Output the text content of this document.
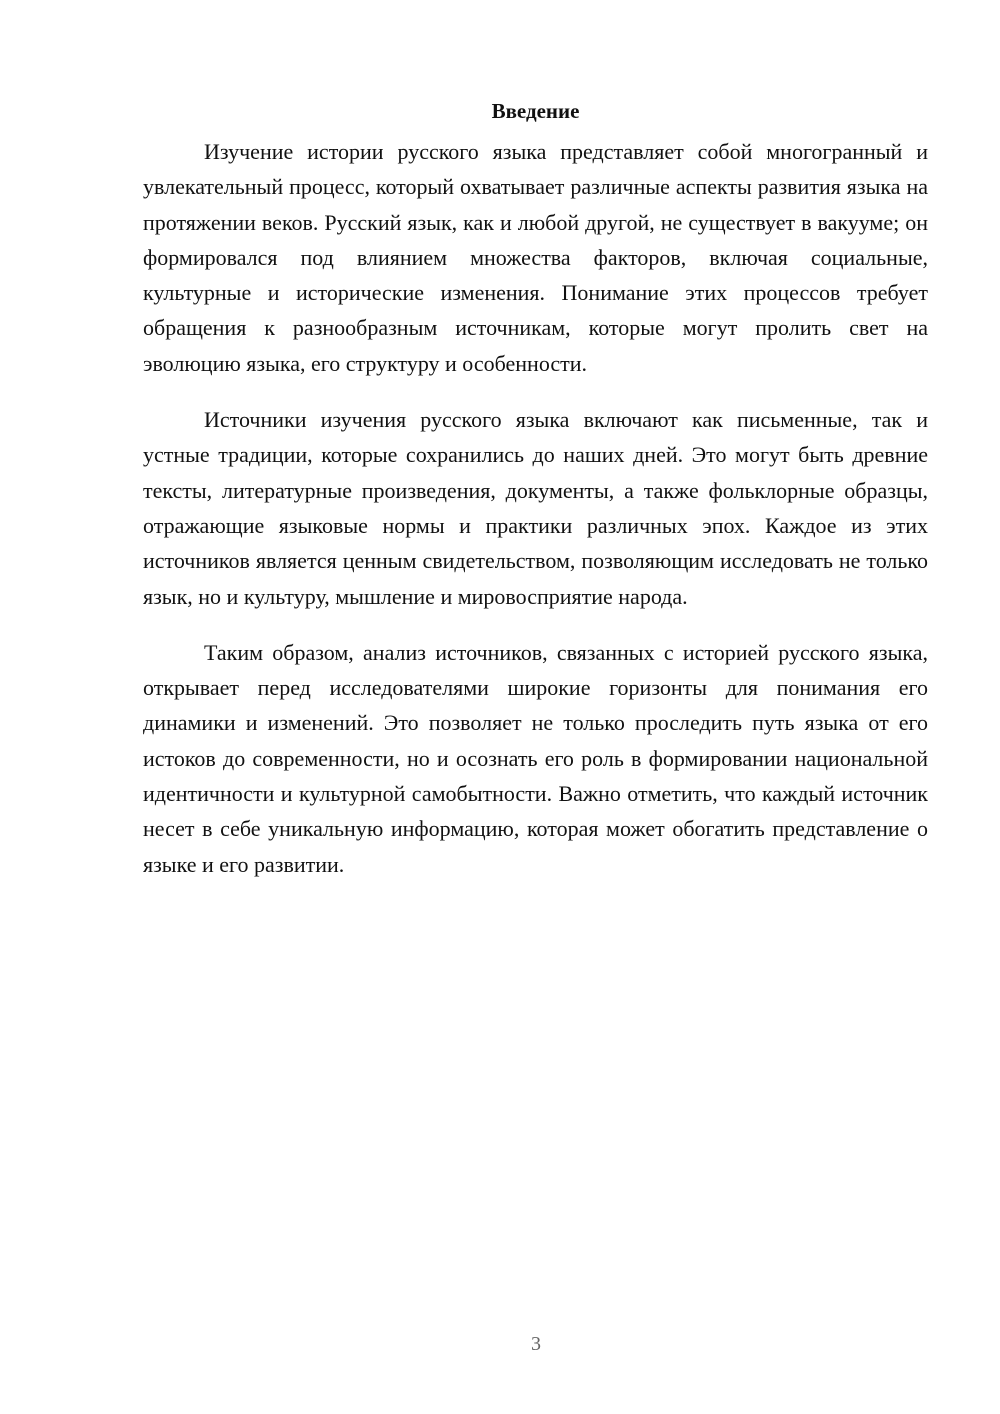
Введение

Изучение истории русского языка представляет собой многогранный и увлекательный процесс, который охватывает различные аспекты развития языка на протяжении веков. Русский язык, как и любой другой, не существует в вакууме; он формировался под влиянием множества факторов, включая социальные, культурные и исторические изменения. Понимание этих процессов требует обращения к разнообразным источникам, которые могут пролить свет на эволюцию языка, его структуру и особенности.

Источники изучения русского языка включают как письменные, так и устные традиции, которые сохранились до наших дней. Это могут быть древние тексты, литературные произведения, документы, а также фольклорные образцы, отражающие языковые нормы и практики различных эпох. Каждое из этих источников является ценным свидетельством, позволяющим исследовать не только язык, но и культуру, мышление и мировосприятие народа.

Таким образом, анализ источников, связанных с историей русского языка, открывает перед исследователями широкие горизонты для понимания его динамики и изменений. Это позволяет не только проследить путь языка от его истоков до современности, но и осознать его роль в формировании национальной идентичности и культурной самобытности. Важно отметить, что каждый источник несет в себе уникальную информацию, которая может обогатить представление о языке и его развитии.

3
